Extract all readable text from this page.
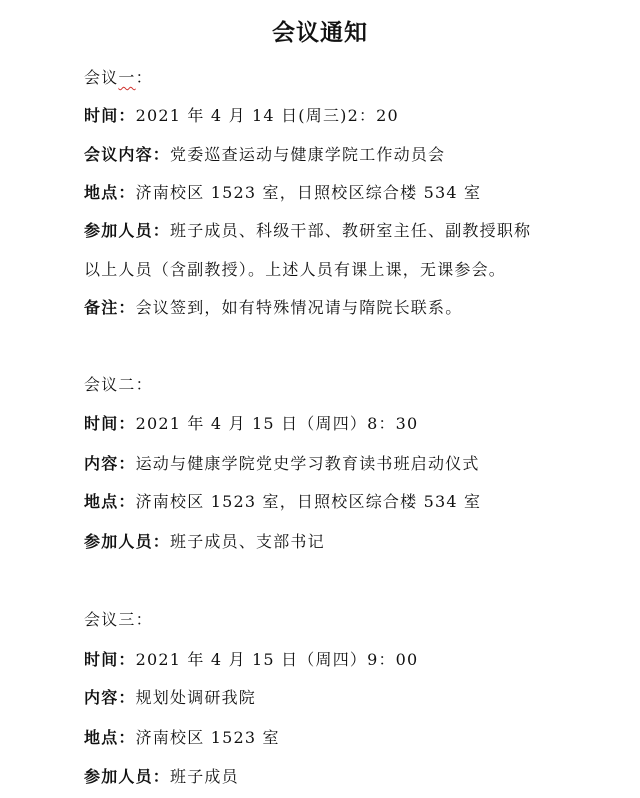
会议通知
会议一：
时间：2021 年 4 月 14 日(周三)2：20
会议内容：党委巡查运动与健康学院工作动员会
地点：济南校区 1523 室，日照校区综合楼 534 室
参加人员：班子成员、科级干部、教研室主任、副教授职称
以上人员（含副教授）。上述人员有课上课，无课参会。
备注：会议签到，如有特殊情况请与隋院长联系。
会议二：
时间：2021 年 4 月 15 日（周四）8：30
内容：运动与健康学院党史学习教育读书班启动仪式
地点：济南校区 1523 室，日照校区综合楼 534 室
参加人员：班子成员、支部书记
会议三：
时间：2021 年 4 月 15 日（周四）9：00
内容：规划处调研我院
地点：济南校区 1523 室
参加人员：班子成员
